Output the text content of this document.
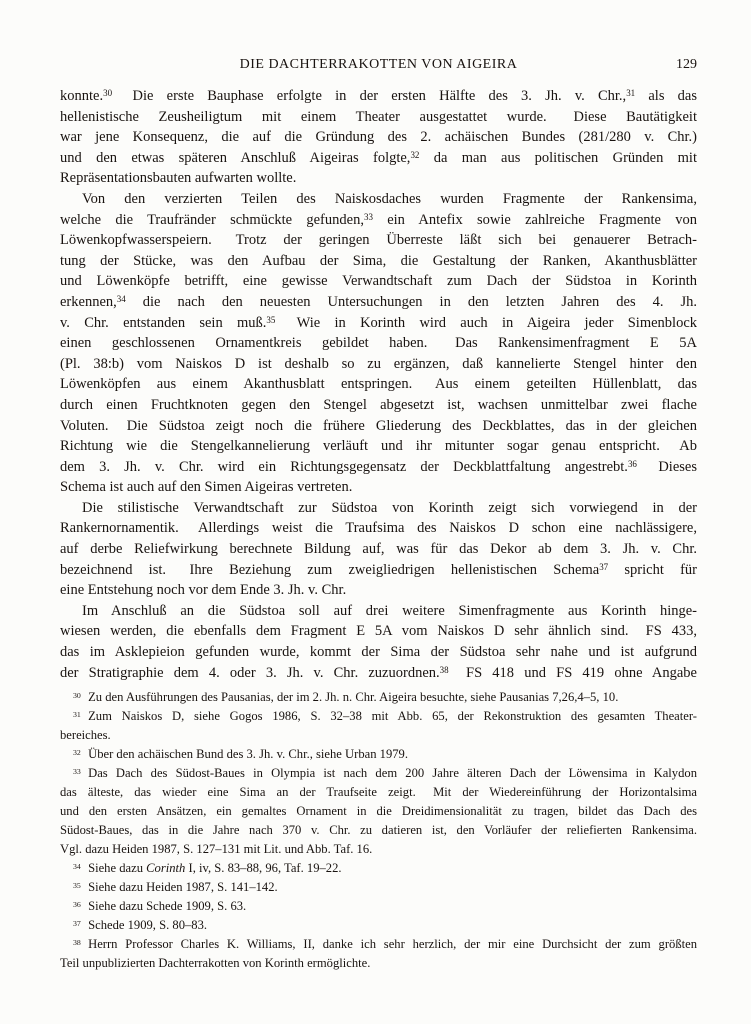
DIE DACHTERRAKOTTEN VON AIGEIRA	129
konnte.$^{30}$  Die erste Bauphase erfolgte in der ersten Hälfte des 3. Jh. v. Chr.,$^{31}$ als das
hellenistische Zeusheiligtum mit einem Theater ausgestattet wurde.  Diese Bautätigkeit
war jene Konsequenz, die auf die Gründung des 2. achäischen Bundes (281/280 v. Chr.)
und den etwas späteren Anschluß Aigeiras folgte,$^{32}$ da man aus politischen Gründen mit
Repräsentationsbauten aufwarten wollte.
Von den verzierten Teilen des Naiskosdaches wurden Fragmente der Rankensima,
welche die Traufränder schmückte gefunden,$^{33}$ ein Antefix sowie zahlreiche Fragmente von
Löwenkopfwasserspeiern.  Trotz der geringen Überreste läßt sich bei genauerer Betrach-
tung der Stücke, was den Aufbau der Sima, die Gestaltung der Ranken, Akanthusblätter
und Löwenköpfe betrifft, eine gewisse Verwandtschaft zum Dach der Südstoa in Korinth
erkennen,$^{34}$ die nach den neuesten Untersuchungen in den letzten Jahren des 4. Jh.
v. Chr. entstanden sein muß.$^{35}$  Wie in Korinth wird auch in Aigeira jeder Simenblock
einen geschlossenen Ornamentkreis gebildet haben.  Das Rankensimenfragment E 5A
(Pl. 38:b) vom Naiskos D ist deshalb so zu ergänzen, daß kannelierte Stengel hinter den
Löwenköpfen aus einem Akanthusblatt entspringen.  Aus einem geteilten Hüllenblatt, das
durch einen Fruchtknoten gegen den Stengel abgesetzt ist, wachsen unmittelbar zwei flache
Voluten.  Die Südstoa zeigt noch die frühere Gliederung des Deckblattes, das in der gleichen
Richtung wie die Stengelkannelierung verläuft und ihr mitunter sogar genau entspricht.  Ab
dem 3. Jh. v. Chr. wird ein Richtungsgegensatz der Deckblattfaltung angestrebt.$^{36}$  Dieses
Schema ist auch auf den Simen Aigeiras vertreten.
Die stilistische Verwandtschaft zur Südstoa von Korinth zeigt sich vorwiegend in der
Rankernornamentik.  Allerdings weist die Traufsima des Naiskos D schon eine nachlässigere,
auf derbe Reliefwirkung berechnete Bildung auf, was für das Dekor ab dem 3. Jh. v. Chr.
bezeichnend ist.  Ihre Beziehung zum zweigliedrigen hellenistischen Schema$^{37}$ spricht für
eine Entstehung noch vor dem Ende 3. Jh. v. Chr.
Im Anschluß an die Südstoa soll auf drei weitere Simenfragmente aus Korinth hinge-
wiesen werden, die ebenfalls dem Fragment E 5A vom Naiskos D sehr ähnlich sind.  FS 433,
das im Asklepieion gefunden wurde, kommt der Sima der Südstoa sehr nahe und ist aufgrund
der Stratigraphie dem 4. oder 3. Jh. v. Chr. zuzuordnen.$^{38}$  FS 418 und FS 419 ohne Angabe
$^{30}$  Zu den Ausführungen des Pausanias, der im 2. Jh. n. Chr. Aigeira besuchte, siehe Pausanias 7,26,4–5, 10.
$^{31}$  Zum Naiskos D, siehe Gogos 1986, S. 32–38 mit Abb. 65, der Rekonstruktion des gesamten Theater-
bereiches.
$^{32}$  Über den achäischen Bund des 3. Jh. v. Chr., siehe Urban 1979.
$^{33}$  Das Dach des Südost-Baues in Olympia ist nach dem 200 Jahre älteren Dach der Löwensima in Kalydon
das älteste, das wieder eine Sima an der Traufseite zeigt.  Mit der Wiedereinführung der Horizontalsima
und den ersten Ansätzen, ein gemaltes Ornament in die Dreidimensionalität zu tragen, bildet das Dach des
Südost-Baues, das in die Jahre nach 370 v. Chr. zu datieren ist, den Vorläufer der reliefierten Rankensima.
Vgl. dazu Heiden 1987, S. 127–131 mit Lit. und Abb. Taf. 16.
$^{34}$  Siehe dazu Corinth I, iv, S. 83–88, 96, Taf. 19–22.
$^{35}$  Siehe dazu Heiden 1987, S. 141–142.
$^{36}$  Siehe dazu Schede 1909, S. 63.
$^{37}$  Schede 1909, S. 80–83.
$^{38}$  Herrn Professor Charles K. Williams, II, danke ich sehr herzlich, der mir eine Durchsicht der zum größten
Teil unpublizierten Dachterrakotten von Korinth ermöglichte.
